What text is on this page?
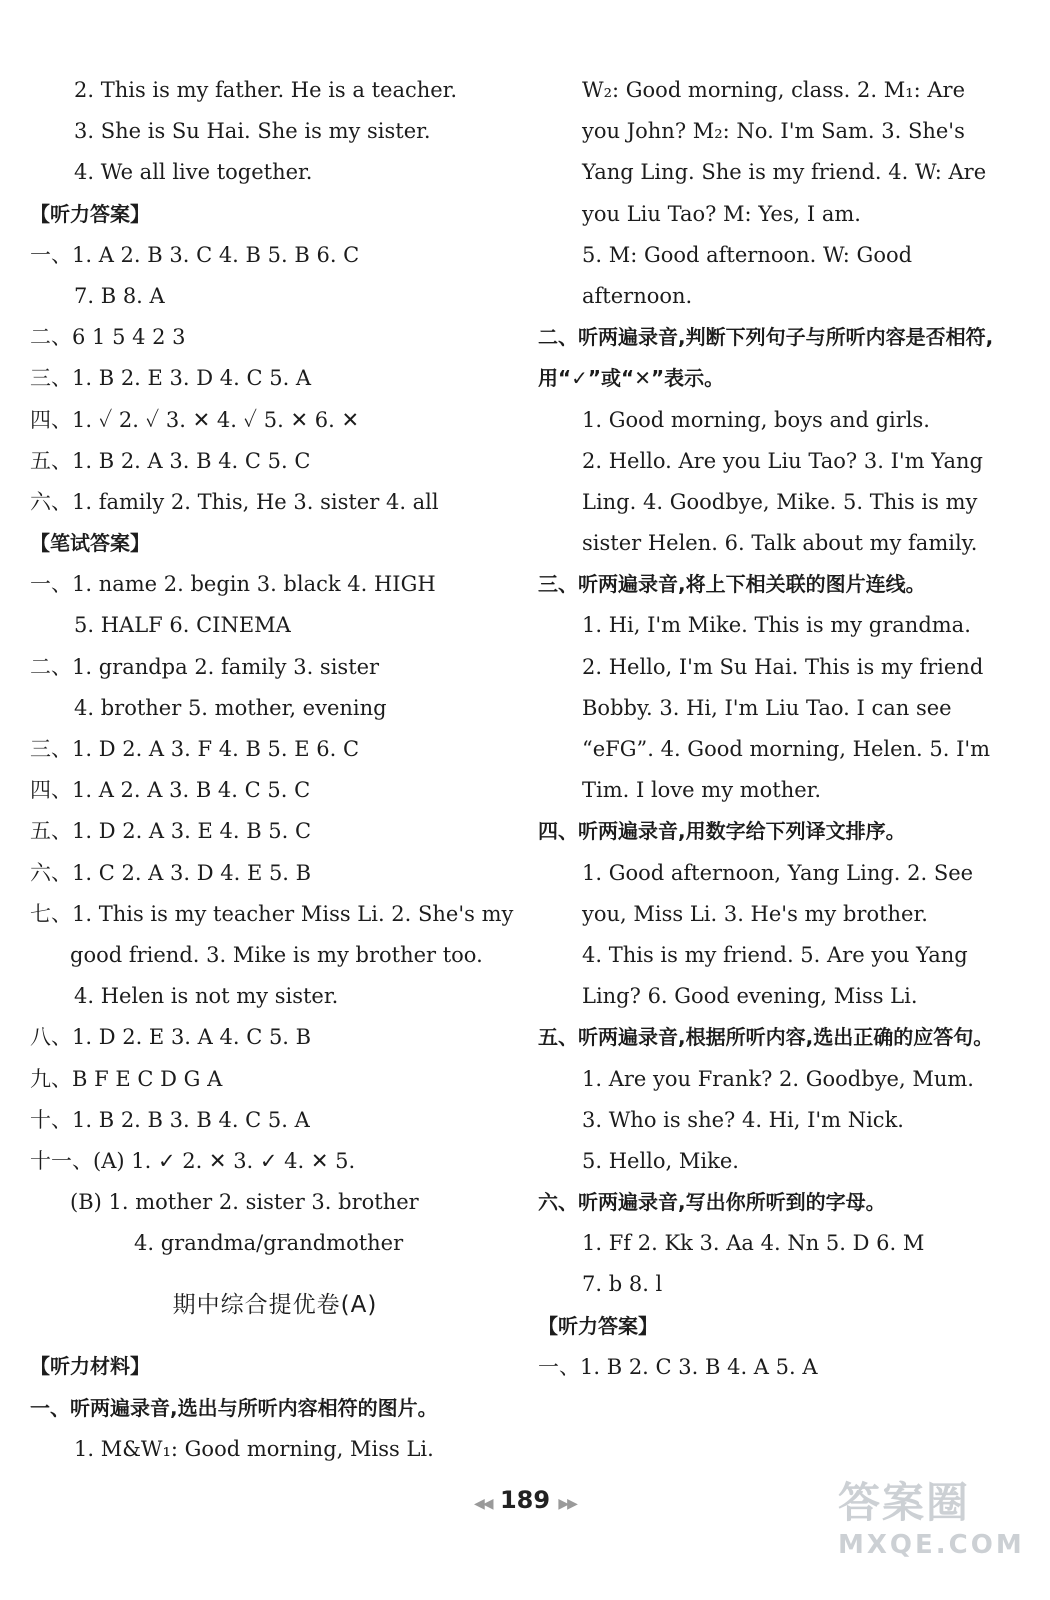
2. This is my father. He is a teacher.
3. She is Su Hai. She is my sister.
4. We all live together.
【听力答案】
一、1. A 2. B 3. C 4. B 5. B 6. C
7. B 8. A
二、6 1 5 4 2 3
三、1. B 2. E 3. D 4. C 5. A
四、1. ✓ 2. ✓ 3. ✕ 4. ✓ 5. ✕ 6. ✕
五、1. B 2. A 3. B 4. C 5. C
六、1. family 2. This, He 3. sister 4. all
【笔试答案】
一、1. name 2. begin 3. black 4. HIGH
5. HALF 6. CINEMA
二、1. grandpa 2. family 3. sister
4. brother 5. mother, evening
三、1. D 2. A 3. F 4. B 5. E 6. C
四、1. A 2. A 3. B 4. C 5. C
五、1. D 2. A 3. E 4. B 5. C
六、1. C 2. A 3. D 4. E 5. B
七、1. This is my teacher Miss Li. 2. She's my
good friend. 3. Mike is my brother too.
4. Helen is not my sister.
八、1. D 2. E 3. A 4. C 5. B
九、B F E C D G A
十、1. B 2. B 3. B 4. C 5. A
十一、(A) 1. ✓ 2. ✕ 3. ✓ 4. ✕ 5.
(B) 1. mother 2. sister 3. brother
4. grandma/grandmother
期中综合提优卷(A)
【听力材料】
一、听两遍录音,选出与所听内容相符的图片。
1. M&W₁: Good morning, Miss Li.
W₂: Good morning, class. 2. M₁: Are
you John? M₂: No. I'm Sam. 3. She's
Yang Ling. She is my friend. 4. W: Are
you Liu Tao? M: Yes, I am.
5. M: Good afternoon. W: Good
afternoon.
二、听两遍录音,判断下列句子与所听内容是否相符,用“✓”或“✕”表示。
1. Good morning, boys and girls.
2. Hello. Are you Liu Tao? 3. I'm Yang
Ling. 4. Goodbye, Mike. 5. This is my
sister Helen. 6. Talk about my family.
三、听两遍录音,将上下相关联的图片连线。
1. Hi, I'm Mike. This is my grandma.
2. Hello, I'm Su Hai. This is my friend
Bobby. 3. Hi, I'm Liu Tao. I can see
“eFG”. 4. Good morning, Helen. 5. I'm
Tim. I love my mother.
四、听两遍录音,用数字给下列译文排序。
1. Good afternoon, Yang Ling. 2. See
you, Miss Li. 3. He's my brother.
4. This is my friend. 5. Are you Yang
Ling? 6. Good evening, Miss Li.
五、听两遍录音,根据所听内容,选出正确的应答句。
1. Are you Frank? 2. Goodbye, Mum.
3. Who is she? 4. Hi, I'm Nick.
5. Hello, Mike.
六、听两遍录音,写出你所听到的字母。
1. Ff 2. Kk 3. Aa 4. Nn 5. D 6. M
7. b 8. l
【听力答案】
一、1. B 2. C 3. B 4. A 5. A
◀◀ 189 ▶▶	答案圈
MXQE.COM
